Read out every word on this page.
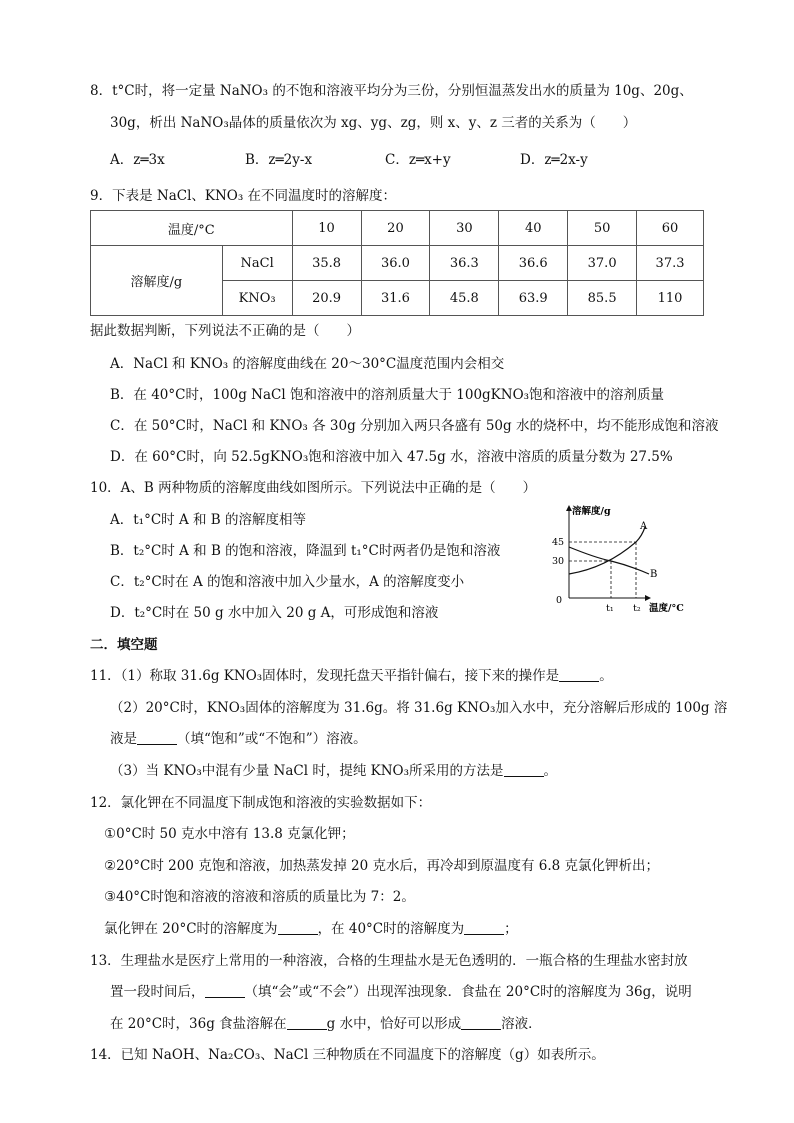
8．t°C时，将一定量 NaNO₃ 的不饱和溶液平均分为三份，分别恒温蒸发出水的质量为 10g、20g、
30g，析出 NaNO₃晶体的质量依次为 xg、yg、zg，则 x、y、z 三者的关系为（　　）
A．z═3x	B．z═2y-x	C．z═x+y	D．z═2x-y
9．下表是 NaCl、KNO₃ 在不同温度时的溶解度：
温度/°C		10	20	30	40	50	60
溶解度/g	NaCl	35.8	36.0	36.3	36.6	37.0	37.3
	KNO₃	20.9	31.6	45.8	63.9	85.5	110
据此数据判断，下列说法不正确的是（　　）
A．NaCl 和 KNO₃ 的溶解度曲线在 20～30°C温度范围内会相交
B．在 40°C时，100g NaCl 饱和溶液中的溶剂质量大于 100gKNO₃饱和溶液中的溶剂质量
C．在 50°C时，NaCl 和 KNO₃ 各 30g 分别加入两只各盛有 50g 水的烧杯中，均不能形成饱和溶液
D．在 60°C时，向 52.5gKNO₃饱和溶液中加入 47.5g 水，溶液中溶质的质量分数为 27.5%
10．A、B 两种物质的溶解度曲线如图所示。下列说法中正确的是（　　）
A．t₁°C时 A 和 B 的溶解度相等
B．t₂°C时 A 和 B 的饱和溶液，降温到 t₁°C时两者仍是饱和溶液
C．t₂°C时在 A 的饱和溶液中加入少量水，A 的溶解度变小
D．t₂°C时在 50 g 水中加入 20 g A，可形成饱和溶液
溶解度/g
温度/°C
0
30
45
t₁ t₂
A
B
二．填空题
11．（1）称取 31.6g KNO₃固体时，发现托盘天平指针偏右，接下来的操作是	。
（2）20°C时，KNO₃固体的溶解度为 31.6g。将 31.6g KNO₃加入水中，充分溶解后形成的 100g 溶
液是	（填“饱和”或“不饱和”）溶液。
（3）当 KNO₃中混有少量 NaCl 时，提纯 KNO₃所采用的方法是	。
12．氯化钾在不同温度下制成饱和溶液的实验数据如下：
①0°C时 50 克水中溶有 13.8 克氯化钾；
②20°C时 200 克饱和溶液，加热蒸发掉 20 克水后，再冷却到原温度有 6.8 克氯化钾析出；
③40°C时饱和溶液的溶液和溶质的质量比为 7：2。
氯化钾在 20°C时的溶解度为	，在 40°C时的溶解度为	；
13．生理盐水是医疗上常用的一种溶液，合格的生理盐水是无色透明的．一瓶合格的生理盐水密封放
置一段时间后，	（填“会”或“不会”）出现浑浊现象．食盐在 20°C时的溶解度为 36g，说明
在 20°C时，36g 食盐溶解在	g 水中，恰好可以形成	溶液．
14．已知 NaOH、Na₂CO₃、NaCl 三种物质在不同温度下的溶解度（g）如表所示。
